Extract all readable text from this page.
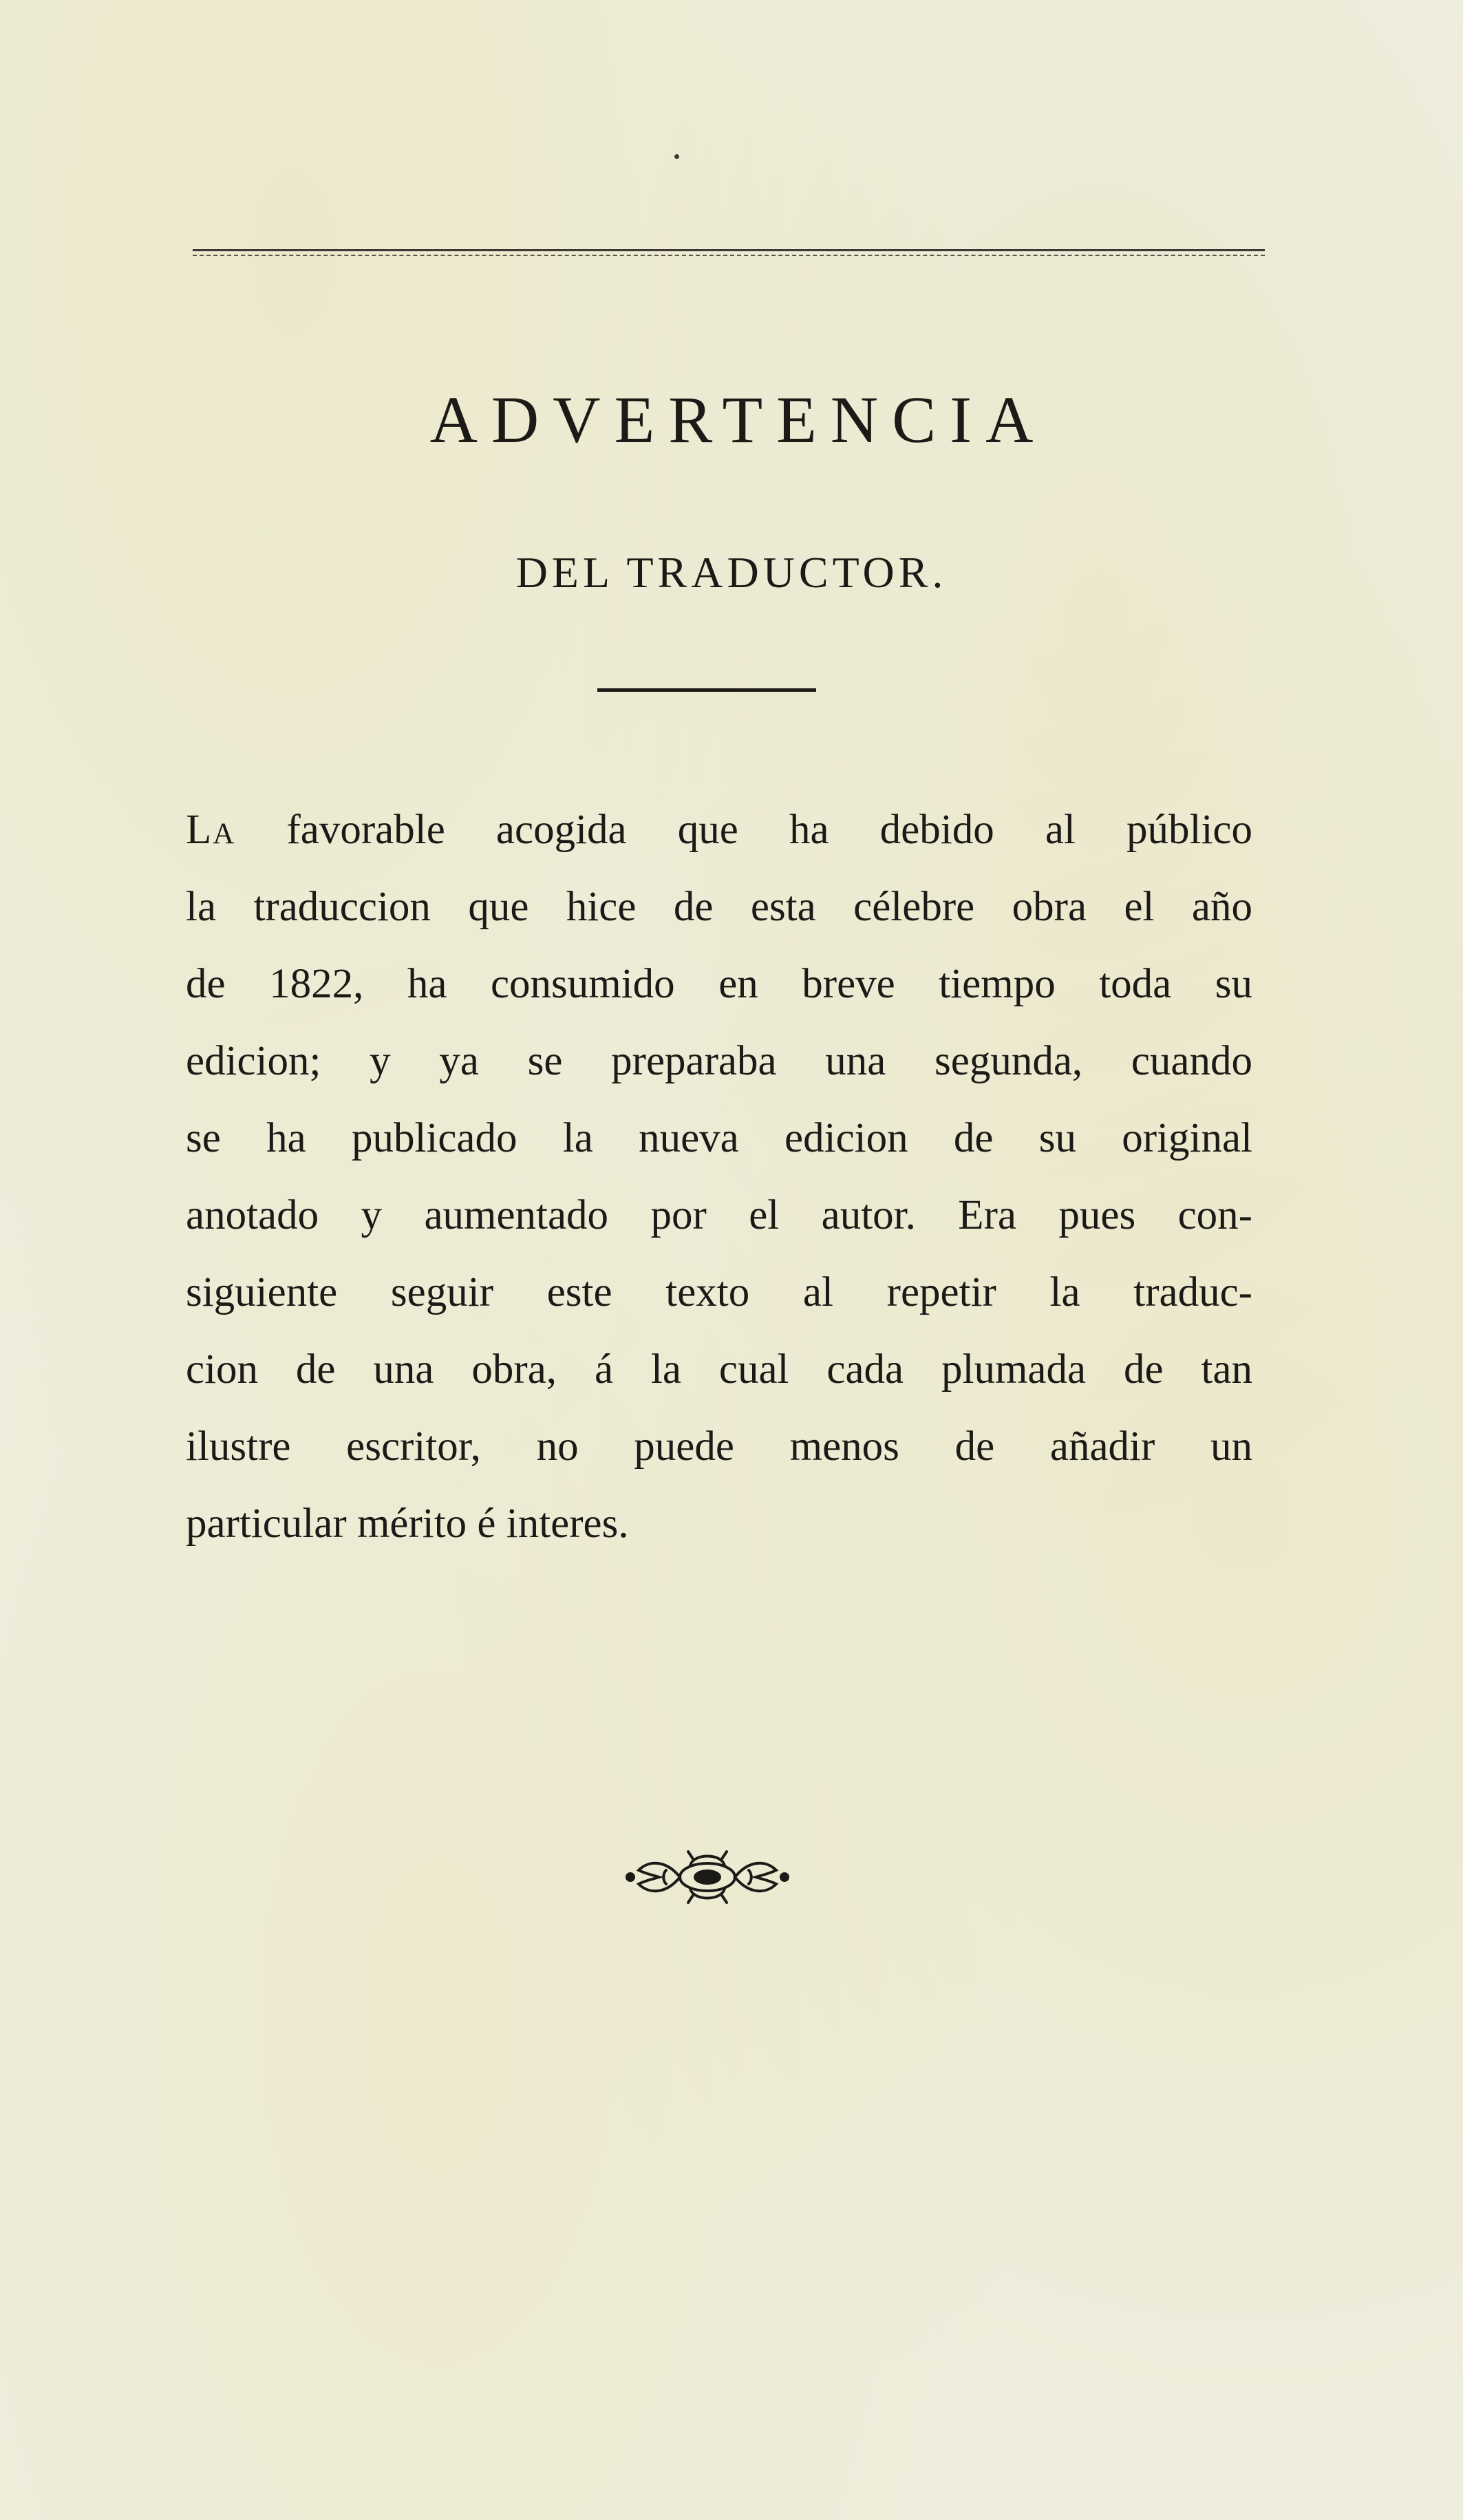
ADVERTENCIA
DEL TRADUCTOR.
La favorable acogida que ha debido al público
la traduccion que hice de esta célebre obra el año
de 1822, ha consumido en breve tiempo toda su
edicion; y ya se preparaba una segunda, cuando
se ha publicado la nueva edicion de su original
anotado y aumentado por el autor. Era pues con-
siguiente seguir este texto al repetir la traduc-
cion de una obra, á la cual cada plumada de tan
ilustre escritor, no puede menos de añadir un
particular mérito é interes.
